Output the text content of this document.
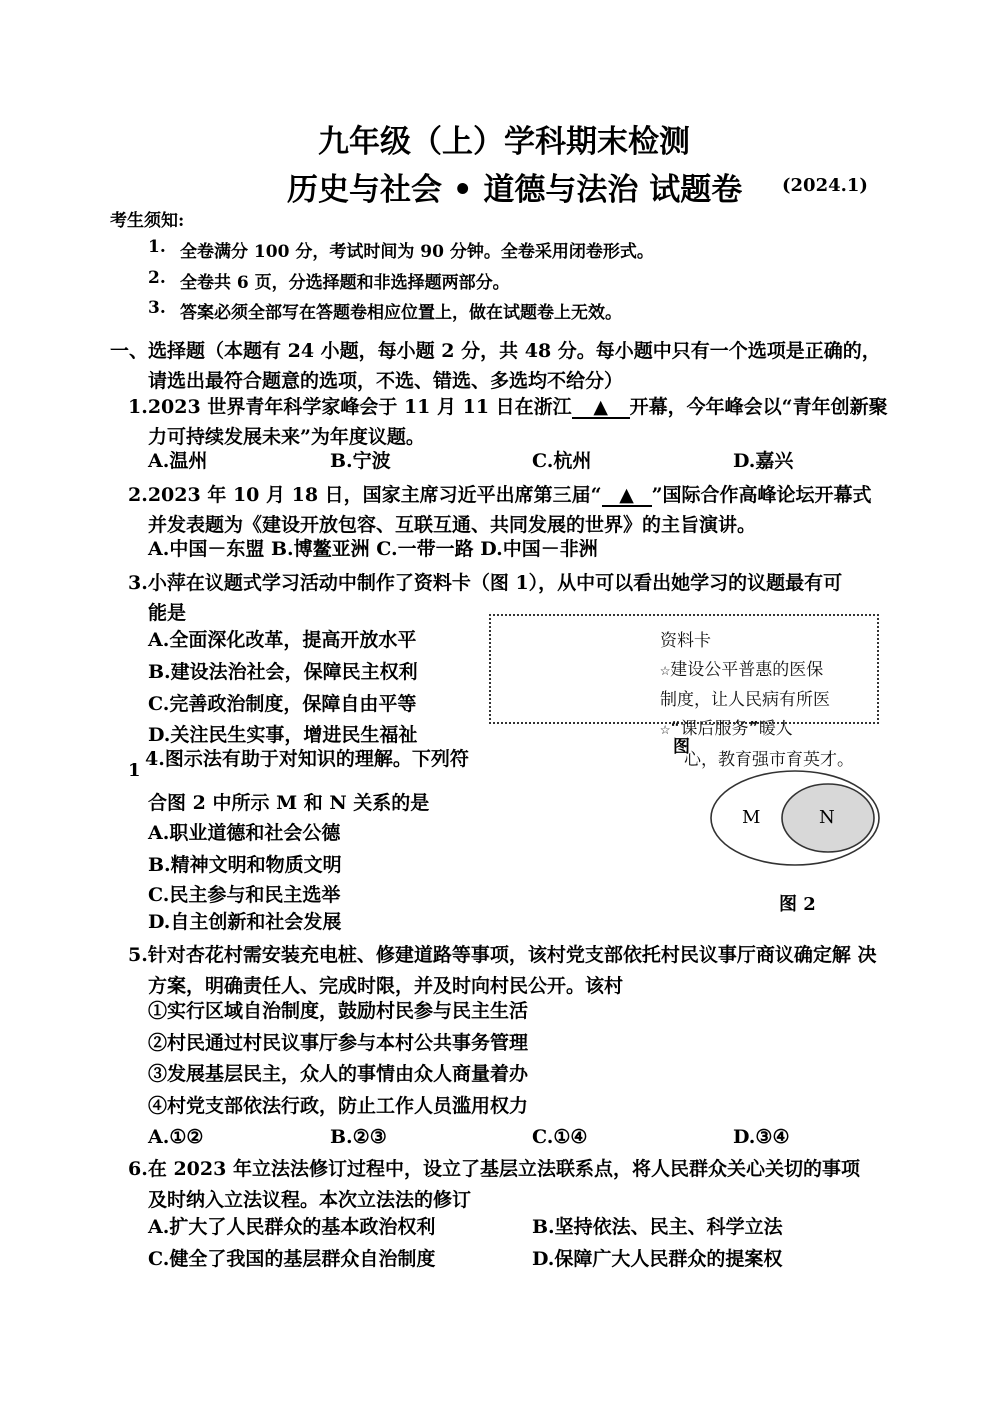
九年级（上）学科期末检测
历史与社会 • 道德与法治 试题卷 (2024.1)
考生须知:
1. 全卷满分 100 分，考试时间为 90 分钟。全卷采用闭卷形式。
2. 全卷共 6 页，分选择题和非选择题两部分。
3. 答案必须全部写在答题卷相应位置上，做在试题卷上无效。
一、选择题（本题有 24 小题，每小题 2 分，共 48 分。每小题中只有一个选项是正确的，
请选出最符合题意的选项，不选、错选、多选均不给分）
1.2023 世界青年科学家峰会于 11 月 11 日在浙江 ▲ 开幕，今年峰会以“青年创新聚
力可持续发展未来”为年度议题。
A.温州	B.宁波	C.杭州	D.嘉兴
2.2023 年 10 月 18 日，国家主席习近平出席第三届“ ▲ ”国际合作高峰论坛开幕式
并发表题为《建设开放包容、互联互通、共同发展的世界》的主旨演讲。
A.中国－东盟 B.博鳌亚洲 C.一带一路 D.中国－非洲
3.小萍在议题式学习活动中制作了资料卡（图 1），从中可以看出她学习的议题最有可
能是
A.全面深化改革，提高开放水平
B.建设法治社会，保障民主权利
C.完善政治制度，保障自由平等
D.关注民生实事，增进民生福祉
资料卡
☆建设公平普惠的医保
制度，让人民病有所医
☆“课后服务”暖人
心，教育强市育英才。
图
1
4.图示法有助于对知识的理解。下列符
合图 2 中所示 M 和 N 关系的是
A.职业道德和社会公德
B.精神文明和物质文明
C.民主参与和民主选举
D.自主创新和社会发展
M	N
图 2
5.针对杏花村需安装充电桩、修建道路等事项，该村党支部依托村民议事厅商议确定解 决
方案，明确责任人、完成时限，并及时向村民公开。该村
①实行区域自治制度，鼓励村民参与民主生活
②村民通过村民议事厅参与本村公共事务管理
③发展基层民主，众人的事情由众人商量着办
④村党支部依法行政，防止工作人员滥用权力
A.①②	B.②③	C.①④	D.③④
6.在 2023 年立法法修订过程中，设立了基层立法联系点，将人民群众关心关切的事项
及时纳入立法议程。本次立法法的修订
A.扩大了人民群众的基本政治权利	B.坚持依法、民主、科学立法
C.健全了我国的基层群众自治制度	D.保障广大人民群众的提案权
